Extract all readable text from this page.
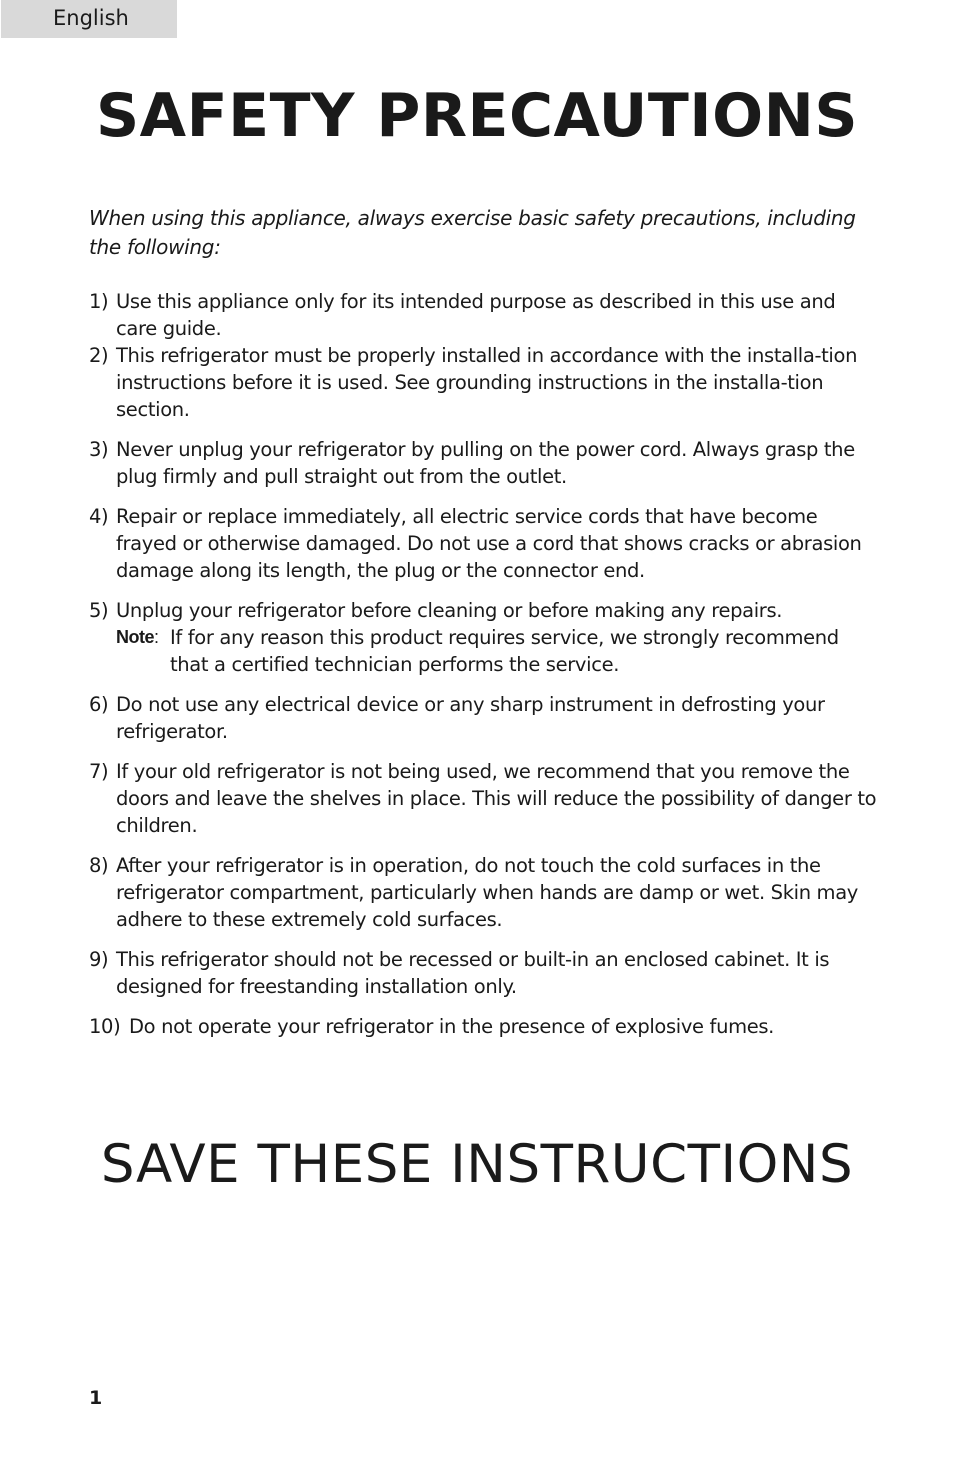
English
SAFETY PRECAUTIONS

When using this appliance, always exercise basic safety precautions, including the following:

1) Use this appliance only for its intended purpose as described in this use and care guide.
2) This refrigerator must be properly installed in accordance with the installa-tion instructions before it is used. See grounding instructions in the installa-tion section.
3) Never unplug your refrigerator by pulling on the power cord. Always grasp the plug firmly and pull straight out from the outlet.
4) Repair or replace immediately, all electric service cords that have become frayed or otherwise damaged. Do not use a cord that shows cracks or abrasion damage along its length, the plug or the connector end.
5) Unplug your refrigerator before cleaning or before making any repairs.
Note: If for any reason this product requires service, we strongly recommend that a certified technician performs the service.
6) Do not use any electrical device or any sharp instrument in defrosting your refrigerator.
7) If your old refrigerator is not being used, we recommend that you remove the doors and leave the shelves in place. This will reduce the possibility of danger to children.
8) After your refrigerator is in operation, do not touch the cold surfaces in the refrigerator compartment, particularly when hands are damp or wet. Skin may adhere to these extremely cold surfaces.
9) This refrigerator should not be recessed or built-in an enclosed cabinet. It is designed for freestanding installation only.
10) Do not operate your refrigerator in the presence of explosive fumes.
SAVE THESE INSTRUCTIONS
1
